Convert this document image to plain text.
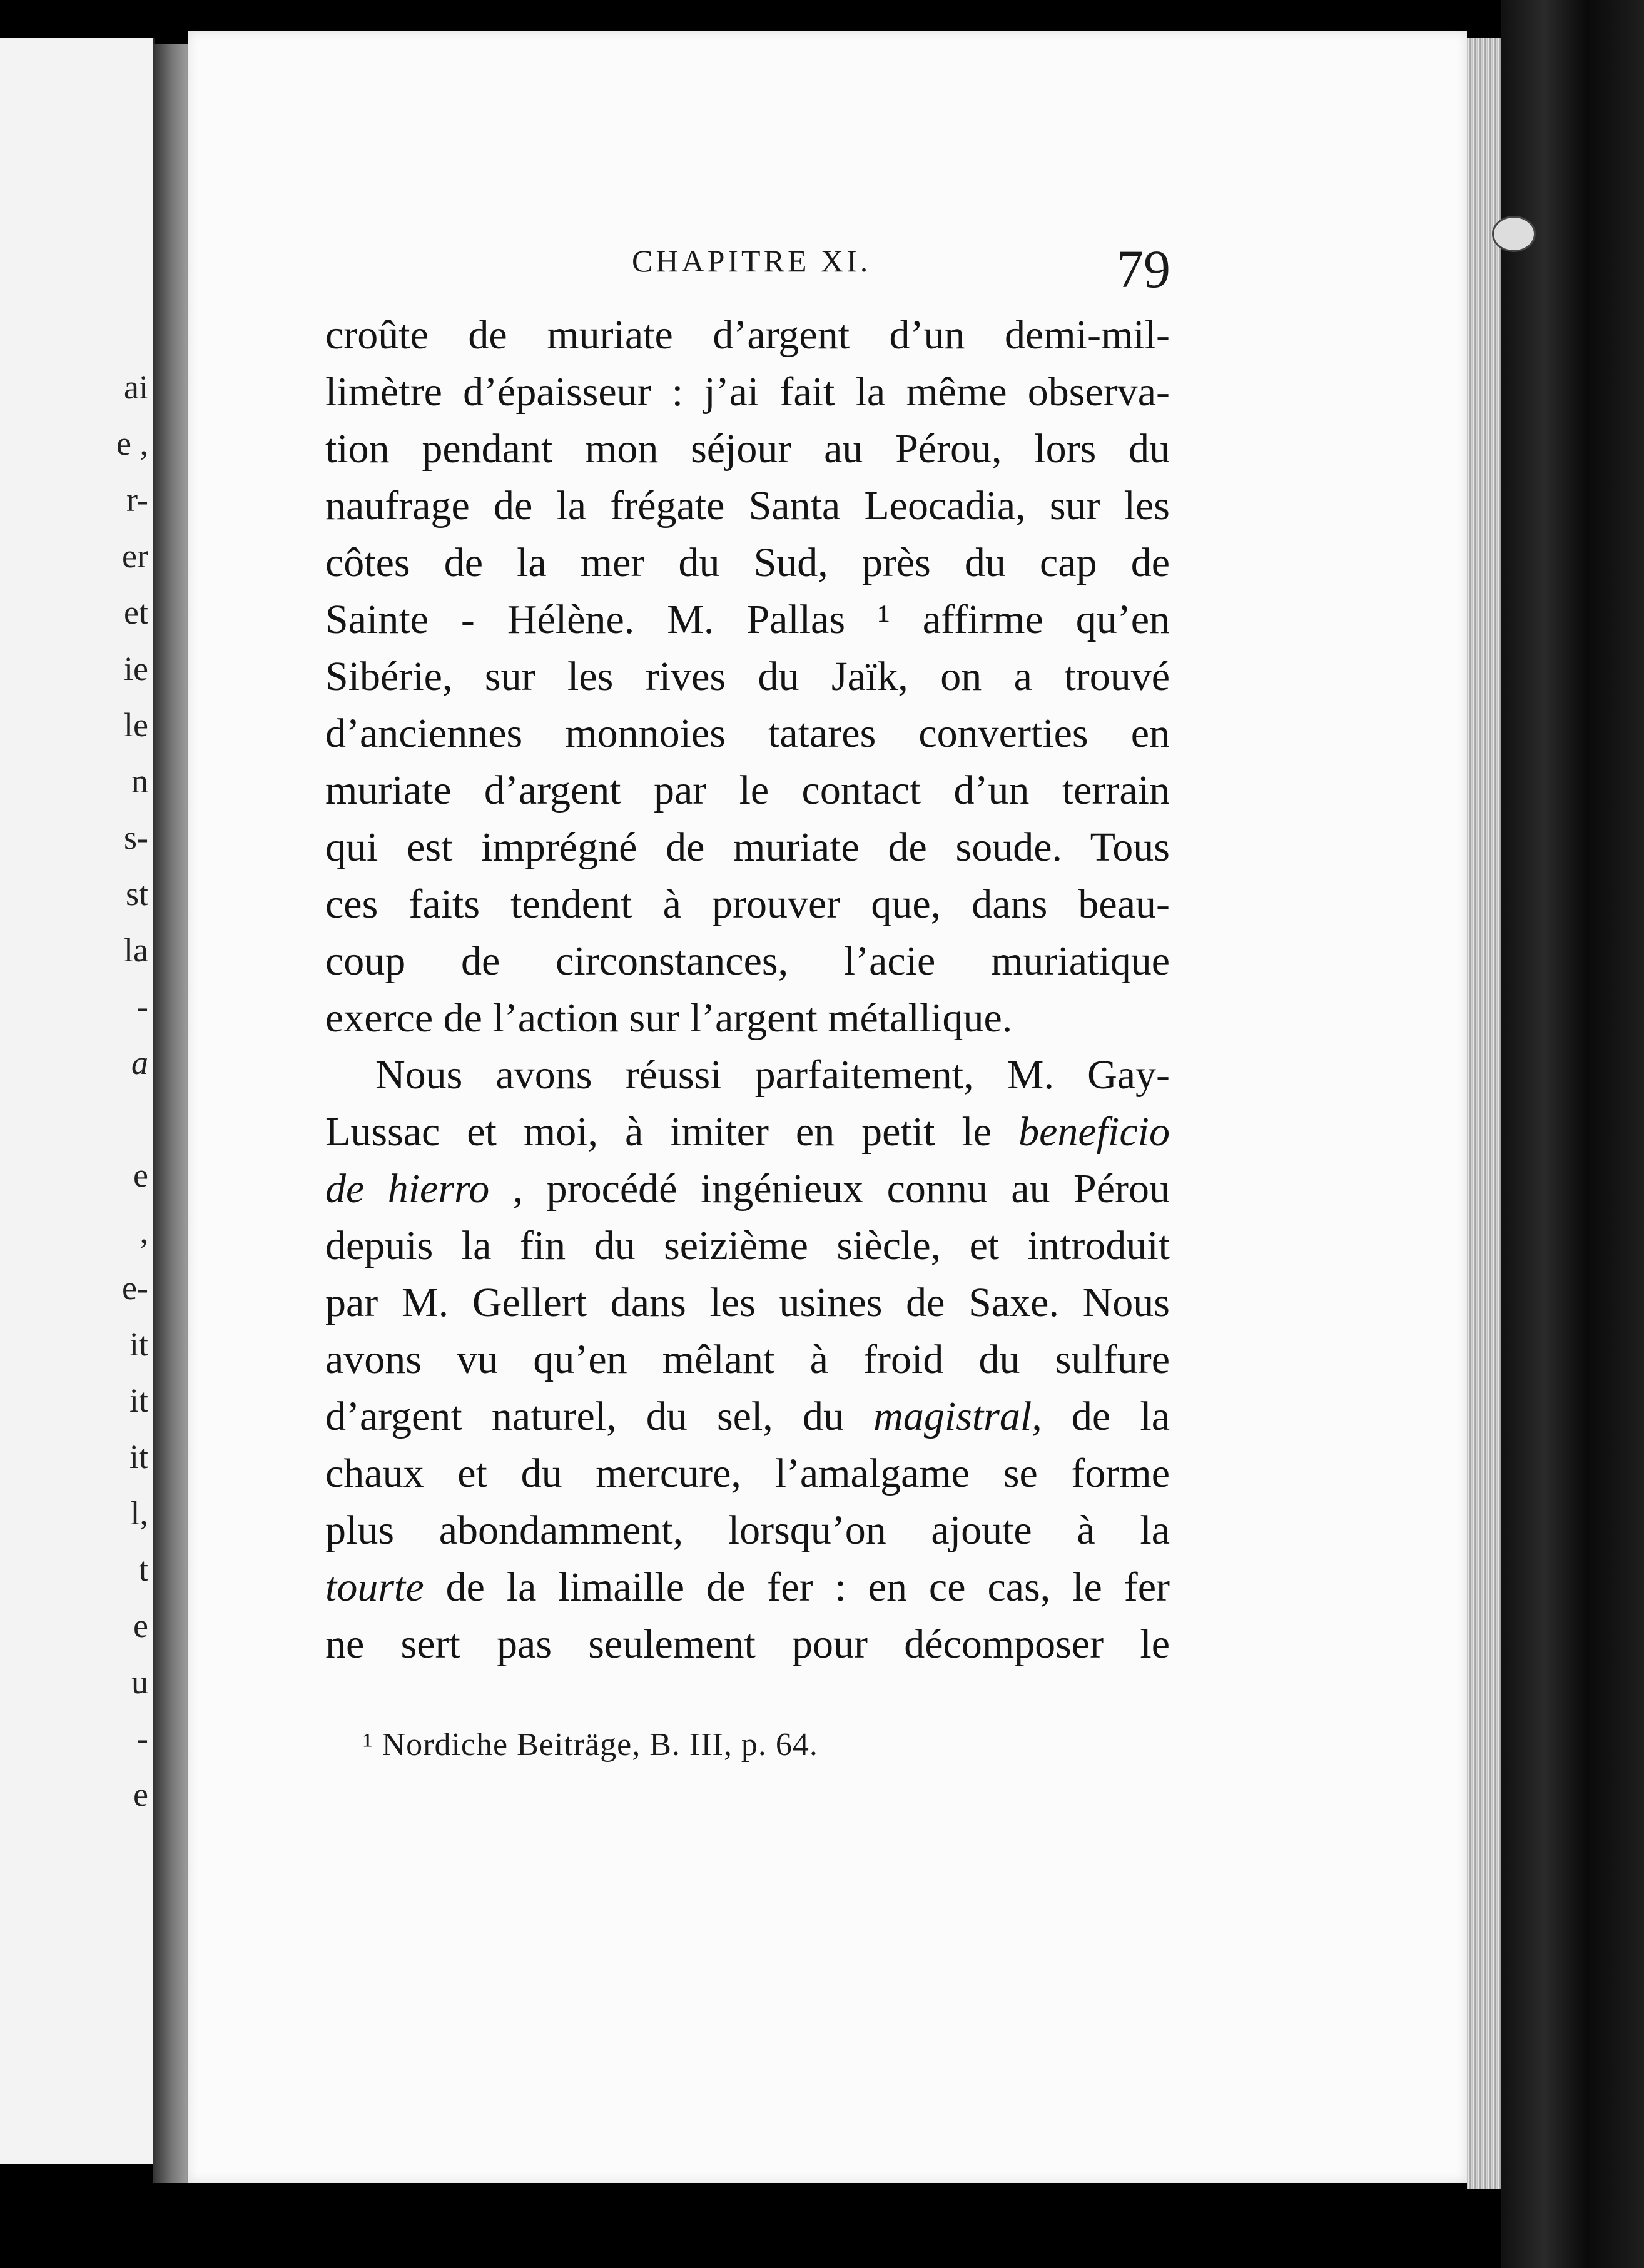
ai

e ,

r-

er

et

ie

le

n

s-

st

la

-

a

e

,

e-

it

it

it

l,

t

e

u

-

e

CHAPITRE XI.	79

croûte de muriate d’argent d’un demi-mil-
limètre d’épaisseur : j’ai fait la même observa-
tion pendant mon séjour au Pérou, lors du
naufrage de la frégate Santa Leocadia, sur les
côtes de la mer du Sud, près du cap de
Sainte - Hélène. M. Pallas ¹ affirme qu’en
Sibérie, sur les rives du Jaïk, on a trouvé
d’anciennes monnoies tatares converties en
muriate d’argent par le contact d’un terrain
qui est imprégné de muriate de soude. Tous
ces faits tendent à prouver que, dans beau-
coup de circonstances, l’acie muriatique
exerce de l’action sur l’argent métallique.
Nous avons réussi parfaitement, M. Gay-
Lussac et moi, à imiter en petit le beneficio
de hierro , procédé ingénieux connu au Pérou
depuis la fin du seizième siècle, et introduit
par M. Gellert dans les usines de Saxe. Nous
avons vu qu’en mêlant à froid du sulfure
d’argent naturel, du sel, du magistral, de la
chaux et du mercure, l’amalgame se forme
plus abondamment, lorsqu’on ajoute à la
tourte de la limaille de fer : en ce cas, le fer
ne sert pas seulement pour décomposer le

¹ Nordiche Beiträge, B. III, p. 64.
